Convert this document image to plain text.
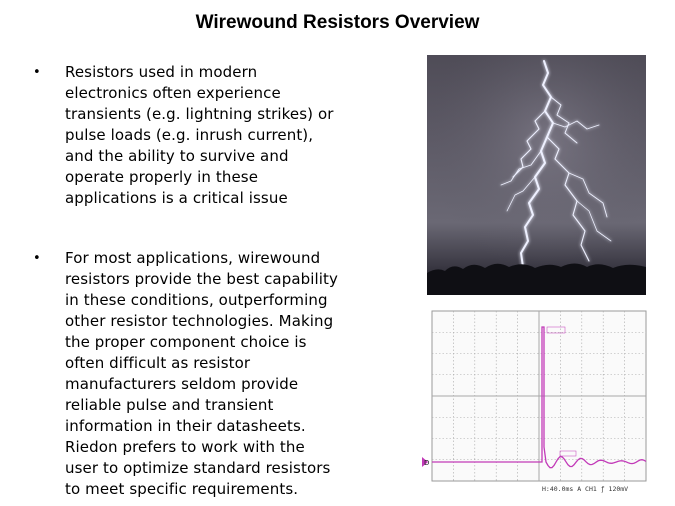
Wirewound Resistors Overview
•	Resistors used in modern
electronics often experience
transients (e.g. lightning strikes) or
pulse loads (e.g. inrush current),
and the ability to survive and
operate properly in these
applications is a critical issue
•	For most applications, wirewound
resistors provide the best capability
in these conditions, outperforming
other resistor technologies. Making
the proper component choice is
often difficult as resistor
manufacturers seldom provide
reliable pulse and transient
information in their datasheets.
Riedon prefers to work with the
user to optimize standard resistors
to meet specific requirements.
D
H:40.0ms A CH1 ƒ 120mV
